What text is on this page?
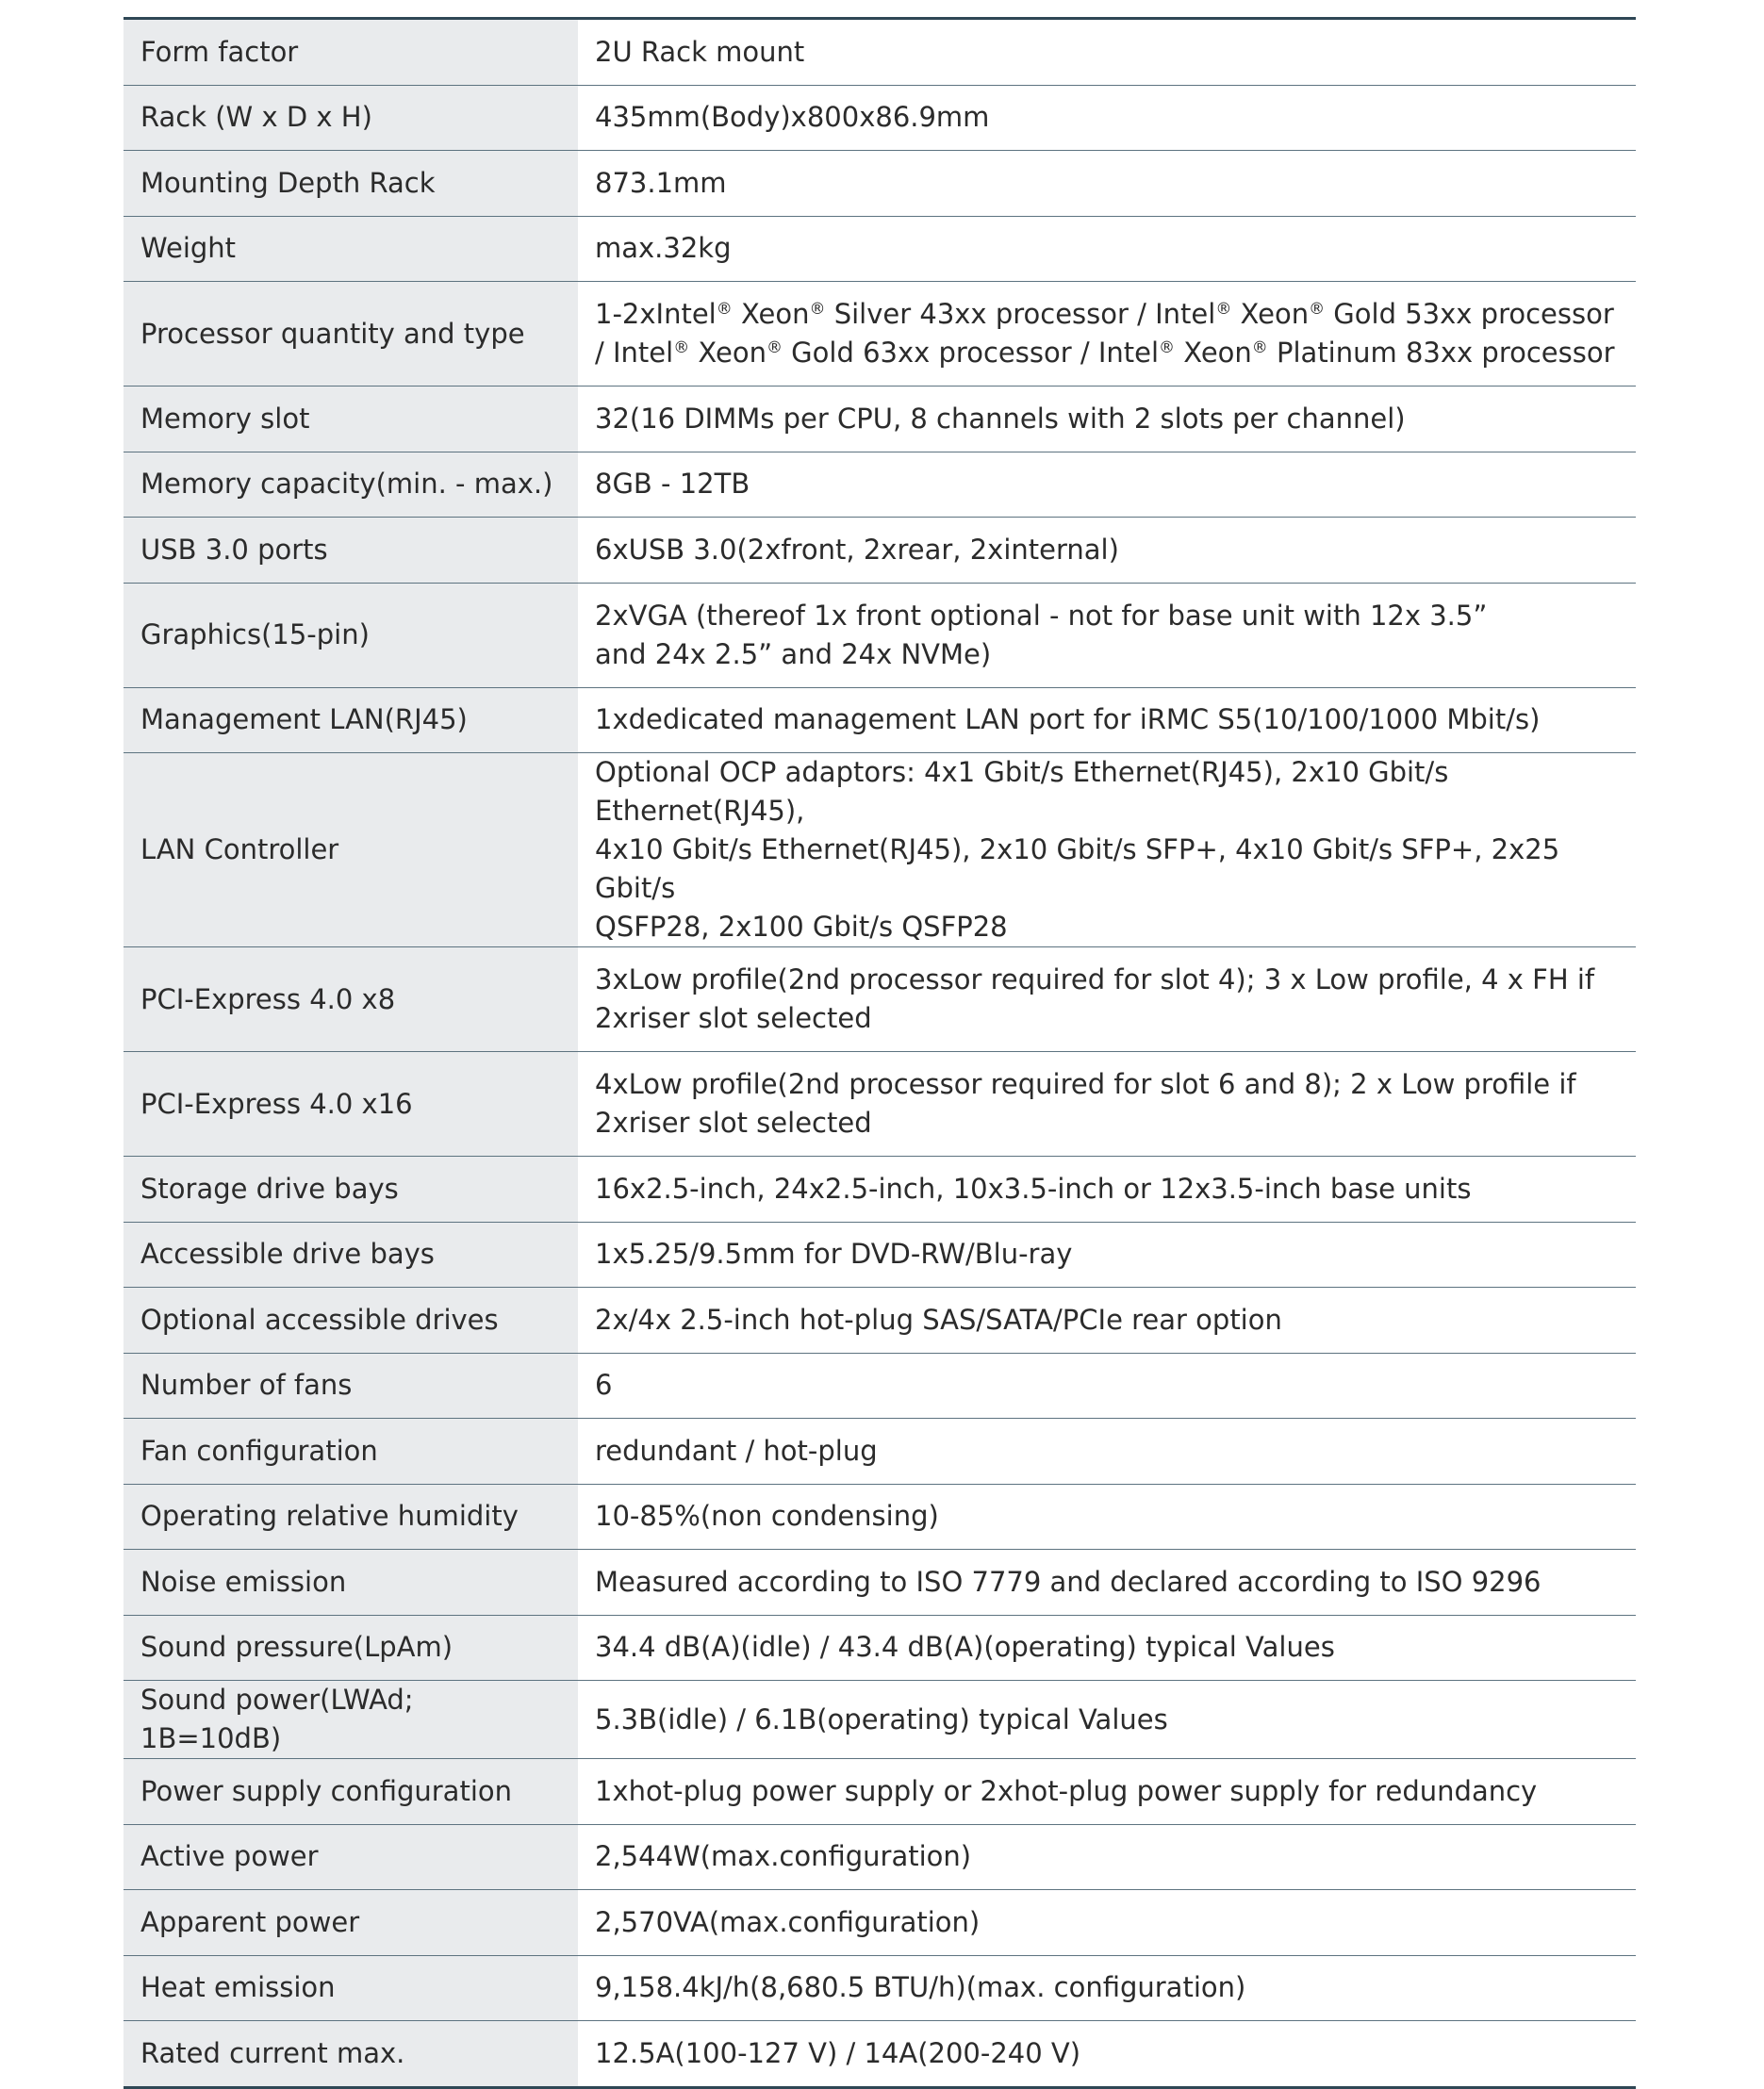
Form factor	2U Rack mount

Rack (W x D x H)	435mm(Body)x800x86.9mm

Mounting Depth Rack	873.1mm

Weight	max.32kg

Processor quantity and type	1-2xIntel® Xeon® Silver 43xx processor / Intel® Xeon® Gold 53xx processor
/ Intel® Xeon® Gold 63xx processor / Intel® Xeon® Platinum 83xx processor

Memory slot	32(16 DIMMs per CPU, 8 channels with 2 slots per channel)

Memory capacity(min. - max.)	8GB - 12TB

USB 3.0 ports	6xUSB 3.0(2xfront, 2xrear, 2xinternal)

Graphics(15-pin)	2xVGA (thereof 1x front optional - not for base unit with 12x 3.5”
and 24x 2.5” and 24x NVMe)

Management LAN(RJ45)	1xdedicated management LAN port for iRMC S5(10/100/1000 Mbit/s)

LAN Controller	Optional OCP adaptors: 4x1 Gbit/s Ethernet(RJ45), 2x10 Gbit/s Ethernet(RJ45),
4x10 Gbit/s Ethernet(RJ45), 2x10 Gbit/s SFP+, 4x10 Gbit/s SFP+, 2x25 Gbit/s
QSFP28, 2x100 Gbit/s QSFP28

PCI-Express 4.0 x8	3xLow profile(2nd processor required for slot 4); 3 x Low profile, 4 x FH if
2xriser slot selected

PCI-Express 4.0 x16	4xLow profile(2nd processor required for slot 6 and 8); 2 x Low profile if
2xriser slot selected

Storage drive bays	16x2.5-inch, 24x2.5-inch, 10x3.5-inch or 12x3.5-inch base units

Accessible drive bays	1x5.25/9.5mm for DVD-RW/Blu-ray

Optional accessible drives	2x/4x 2.5-inch hot-plug SAS/SATA/PCIe rear option

Number of fans	6

Fan configuration	redundant / hot-plug

Operating relative humidity	10-85%(non condensing)

Noise emission	Measured according to ISO 7779 and declared according to ISO 9296

Sound pressure(LpAm)	34.4 dB(A)(idle) / 43.4 dB(A)(operating) typical Values

Sound power(LWAd; 1B=10dB)	5.3B(idle) / 6.1B(operating) typical Values

Power supply configuration	1xhot-plug power supply or 2xhot-plug power supply for redundancy

Active power	2,544W(max.configuration)

Apparent power	2,570VA(max.configuration)

Heat emission	9,158.4kJ/h(8,680.5 BTU/h)(max. configuration)

Rated current max.	12.5A(100-127 V) / 14A(200-240 V)
